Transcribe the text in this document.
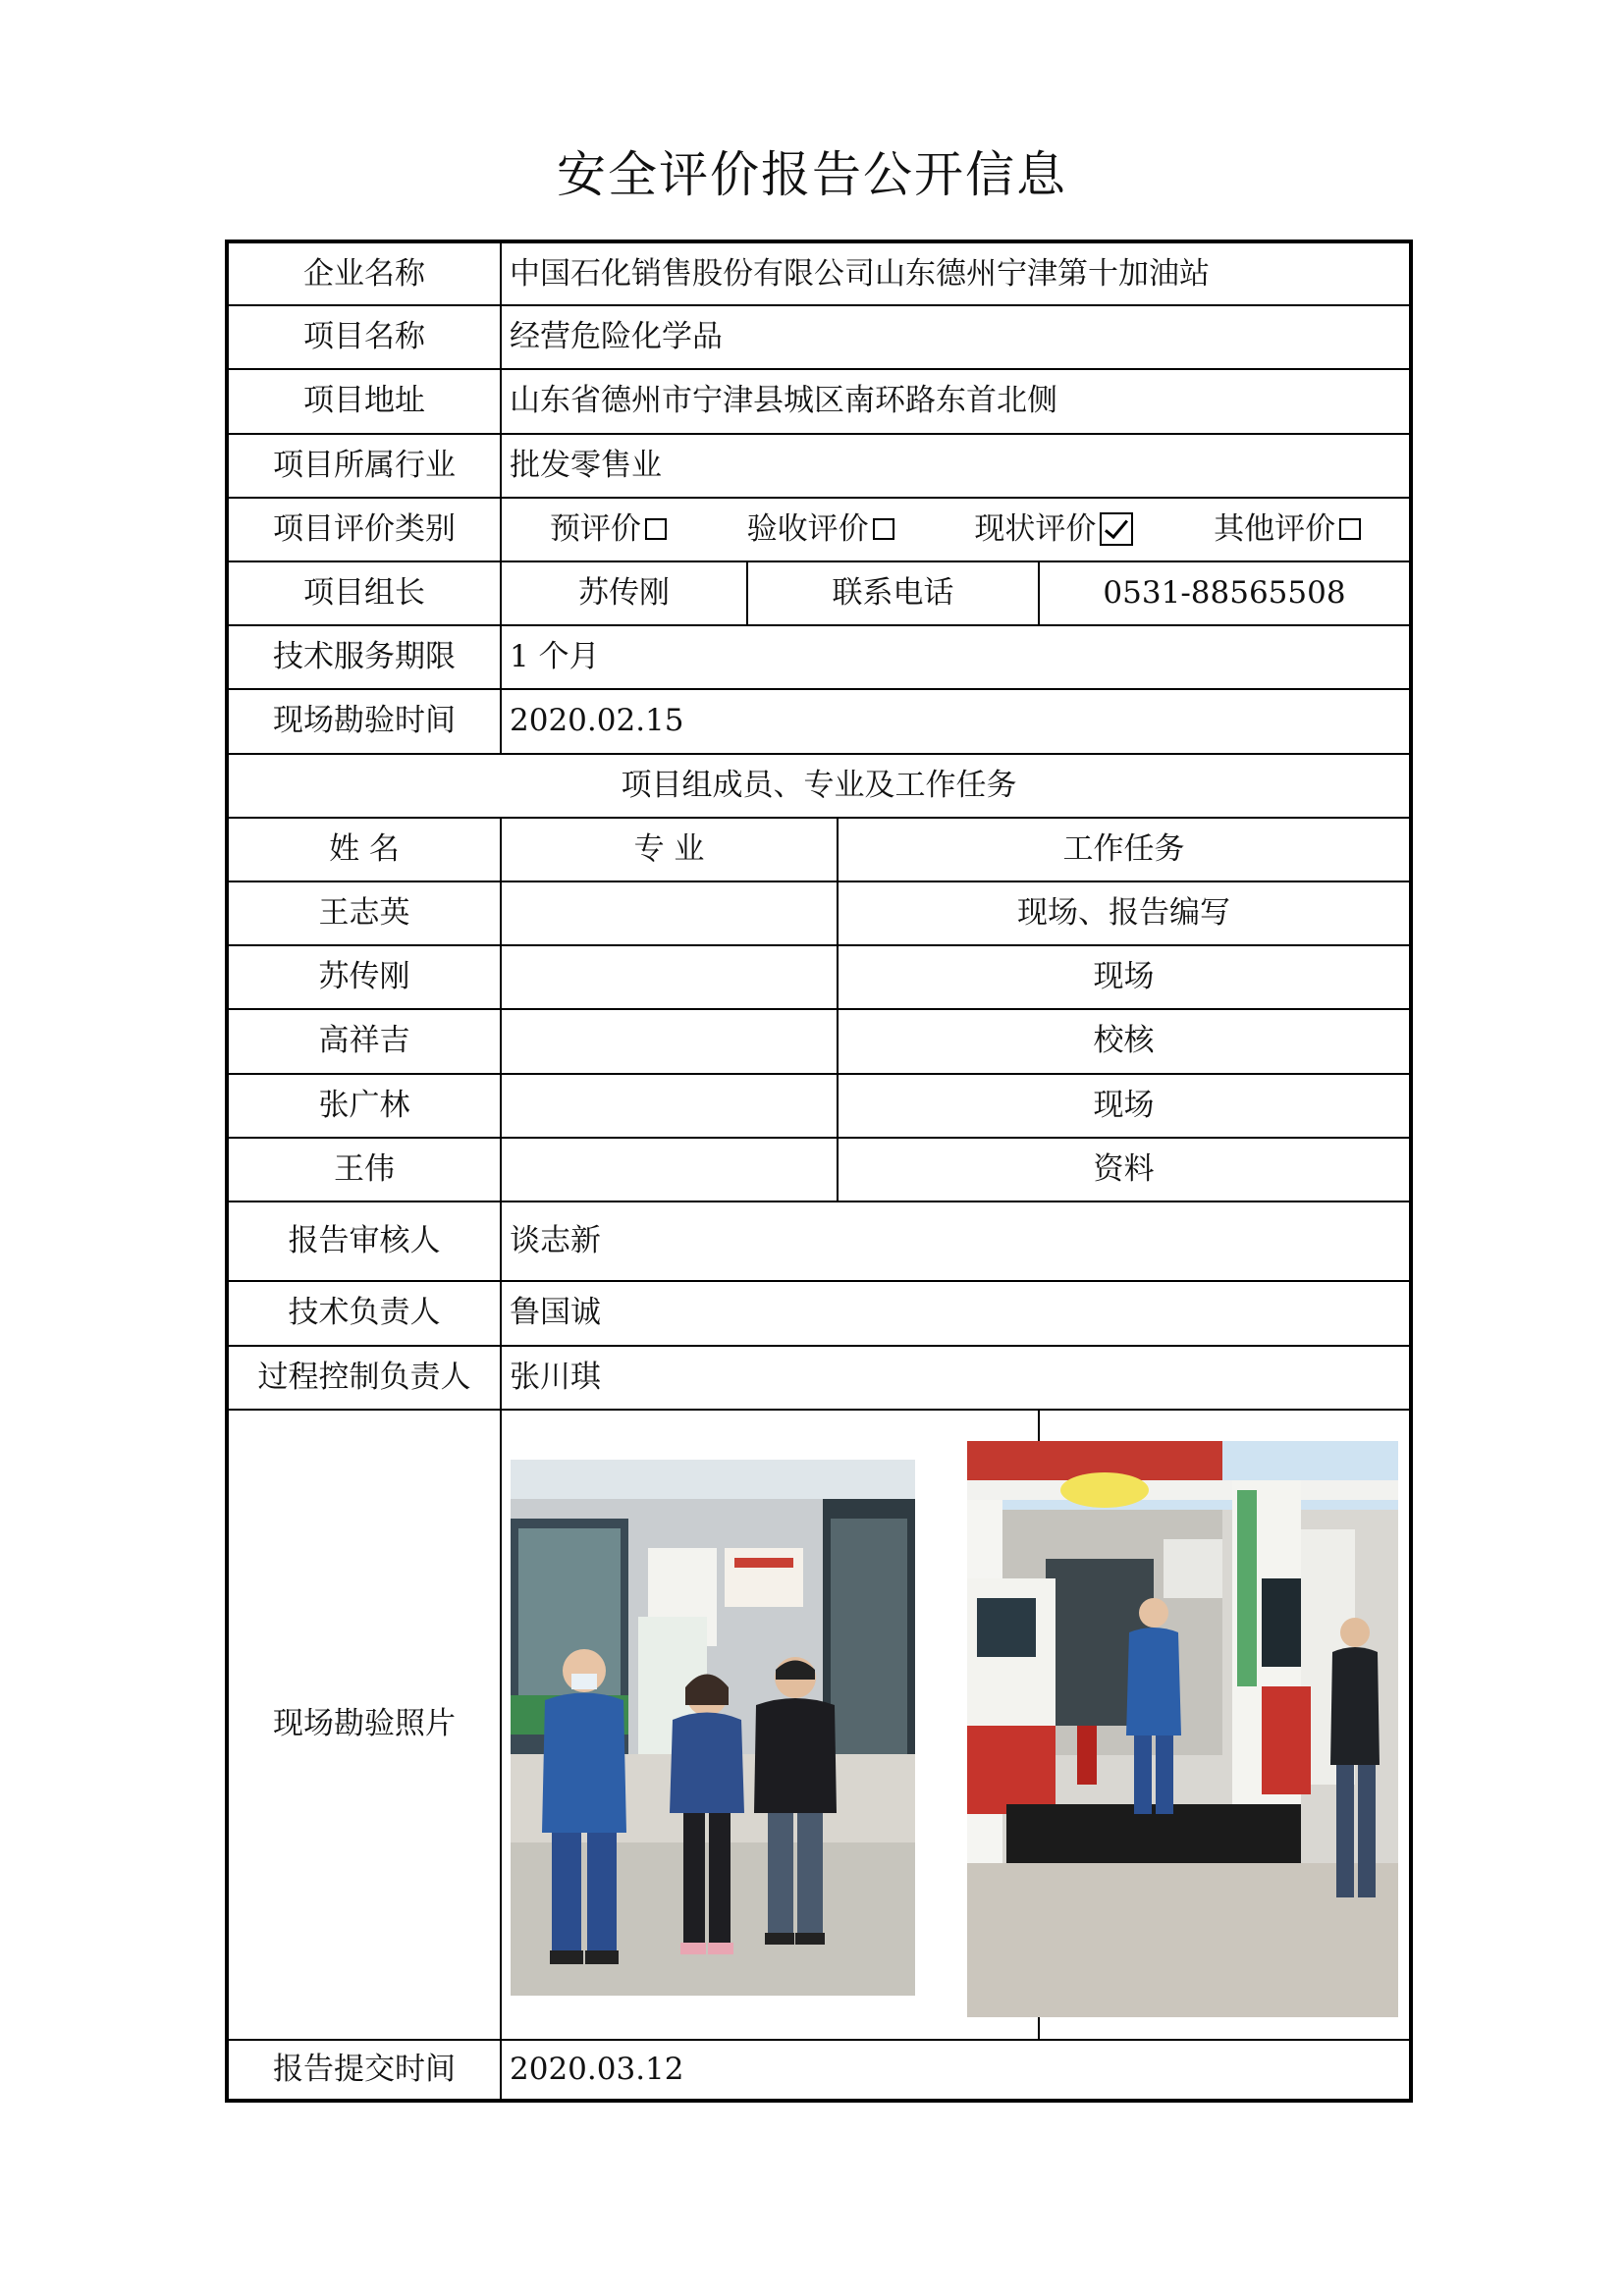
安全评价报告公开信息
企业名称	中国石化销售股份有限公司山东德州宁津第十加油站			
项目名称	经营危险化学品			
项目地址	山东省德州市宁津县城区南环路东首北侧			
项目所属行业	批发零售业			
项目评价类别	预评价 验收评价 现状评价 其他评价			

项目组长	苏传刚	联系电话		0531-88565508
技术服务期限	1 个月			
现场勘验时间	2020.02.15			
项目组成员、专业及工作任务				
姓 名	专 业		工作任务	
王志英			现场、报告编写	
苏传刚			现场	
高祥吉			校核	
张广林			现场	
王伟			资料	
报告审核人	谈志新			
技术负责人	鲁国诚			
过程控制负责人	张川琪			
现场勘验照片				
报告提交时间	2020.03.12			
